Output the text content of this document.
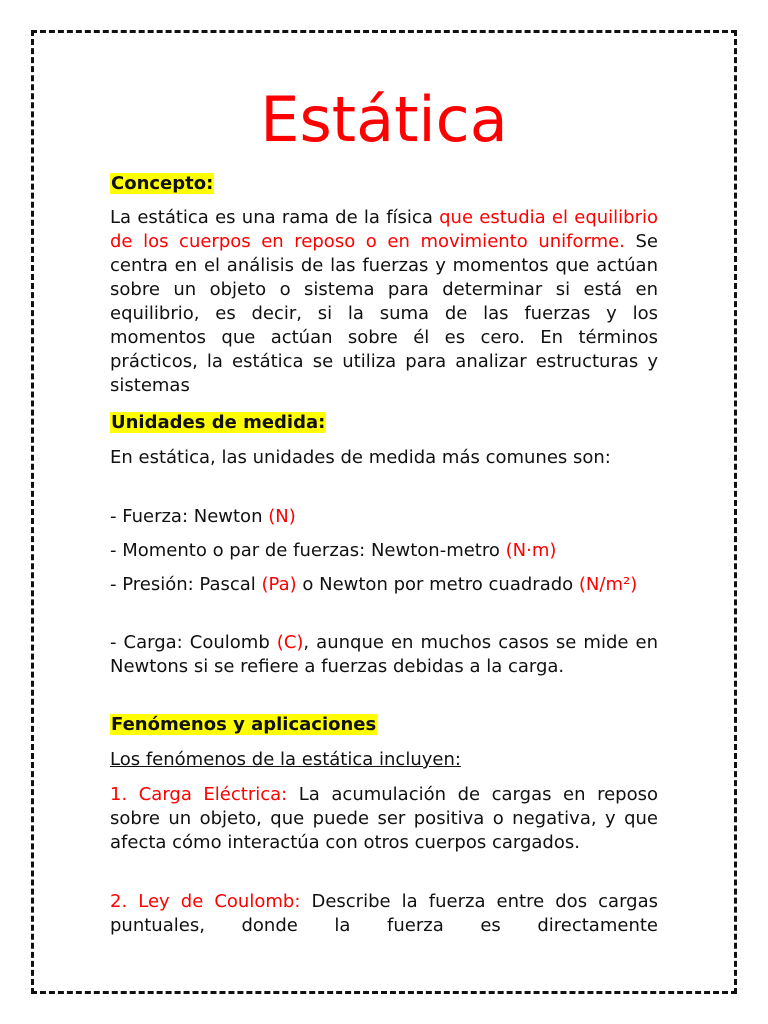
Estática
Concepto:
La estática es una rama de la física que estudia el equilibrio de los cuerpos en reposo o en movimiento uniforme. Se centra en el análisis de las fuerzas y momentos que actúan sobre un objeto o sistema para determinar si está en equilibrio, es decir, si la suma de las fuerzas y los momentos que actúan sobre él es cero. En términos prácticos, la estática se utiliza para analizar estructuras y sistemas
Unidades de medida:
En estática, las unidades de medida más comunes son:
- Fuerza: Newton (N)
- Momento o par de fuerzas: Newton-metro (N·m)
- Presión: Pascal (Pa) o Newton por metro cuadrado (N/m²)
- Carga: Coulomb (C), aunque en muchos casos se mide en Newtons si se refiere a fuerzas debidas a la carga.
Fenómenos y aplicaciones
Los fenómenos de la estática incluyen:
1. Carga Eléctrica: La acumulación de cargas en reposo sobre un objeto, que puede ser positiva o negativa, y que afecta cómo interactúa con otros cuerpos cargados.
2. Ley de Coulomb: Describe la fuerza entre dos cargas puntuales, donde la fuerza es directamente
